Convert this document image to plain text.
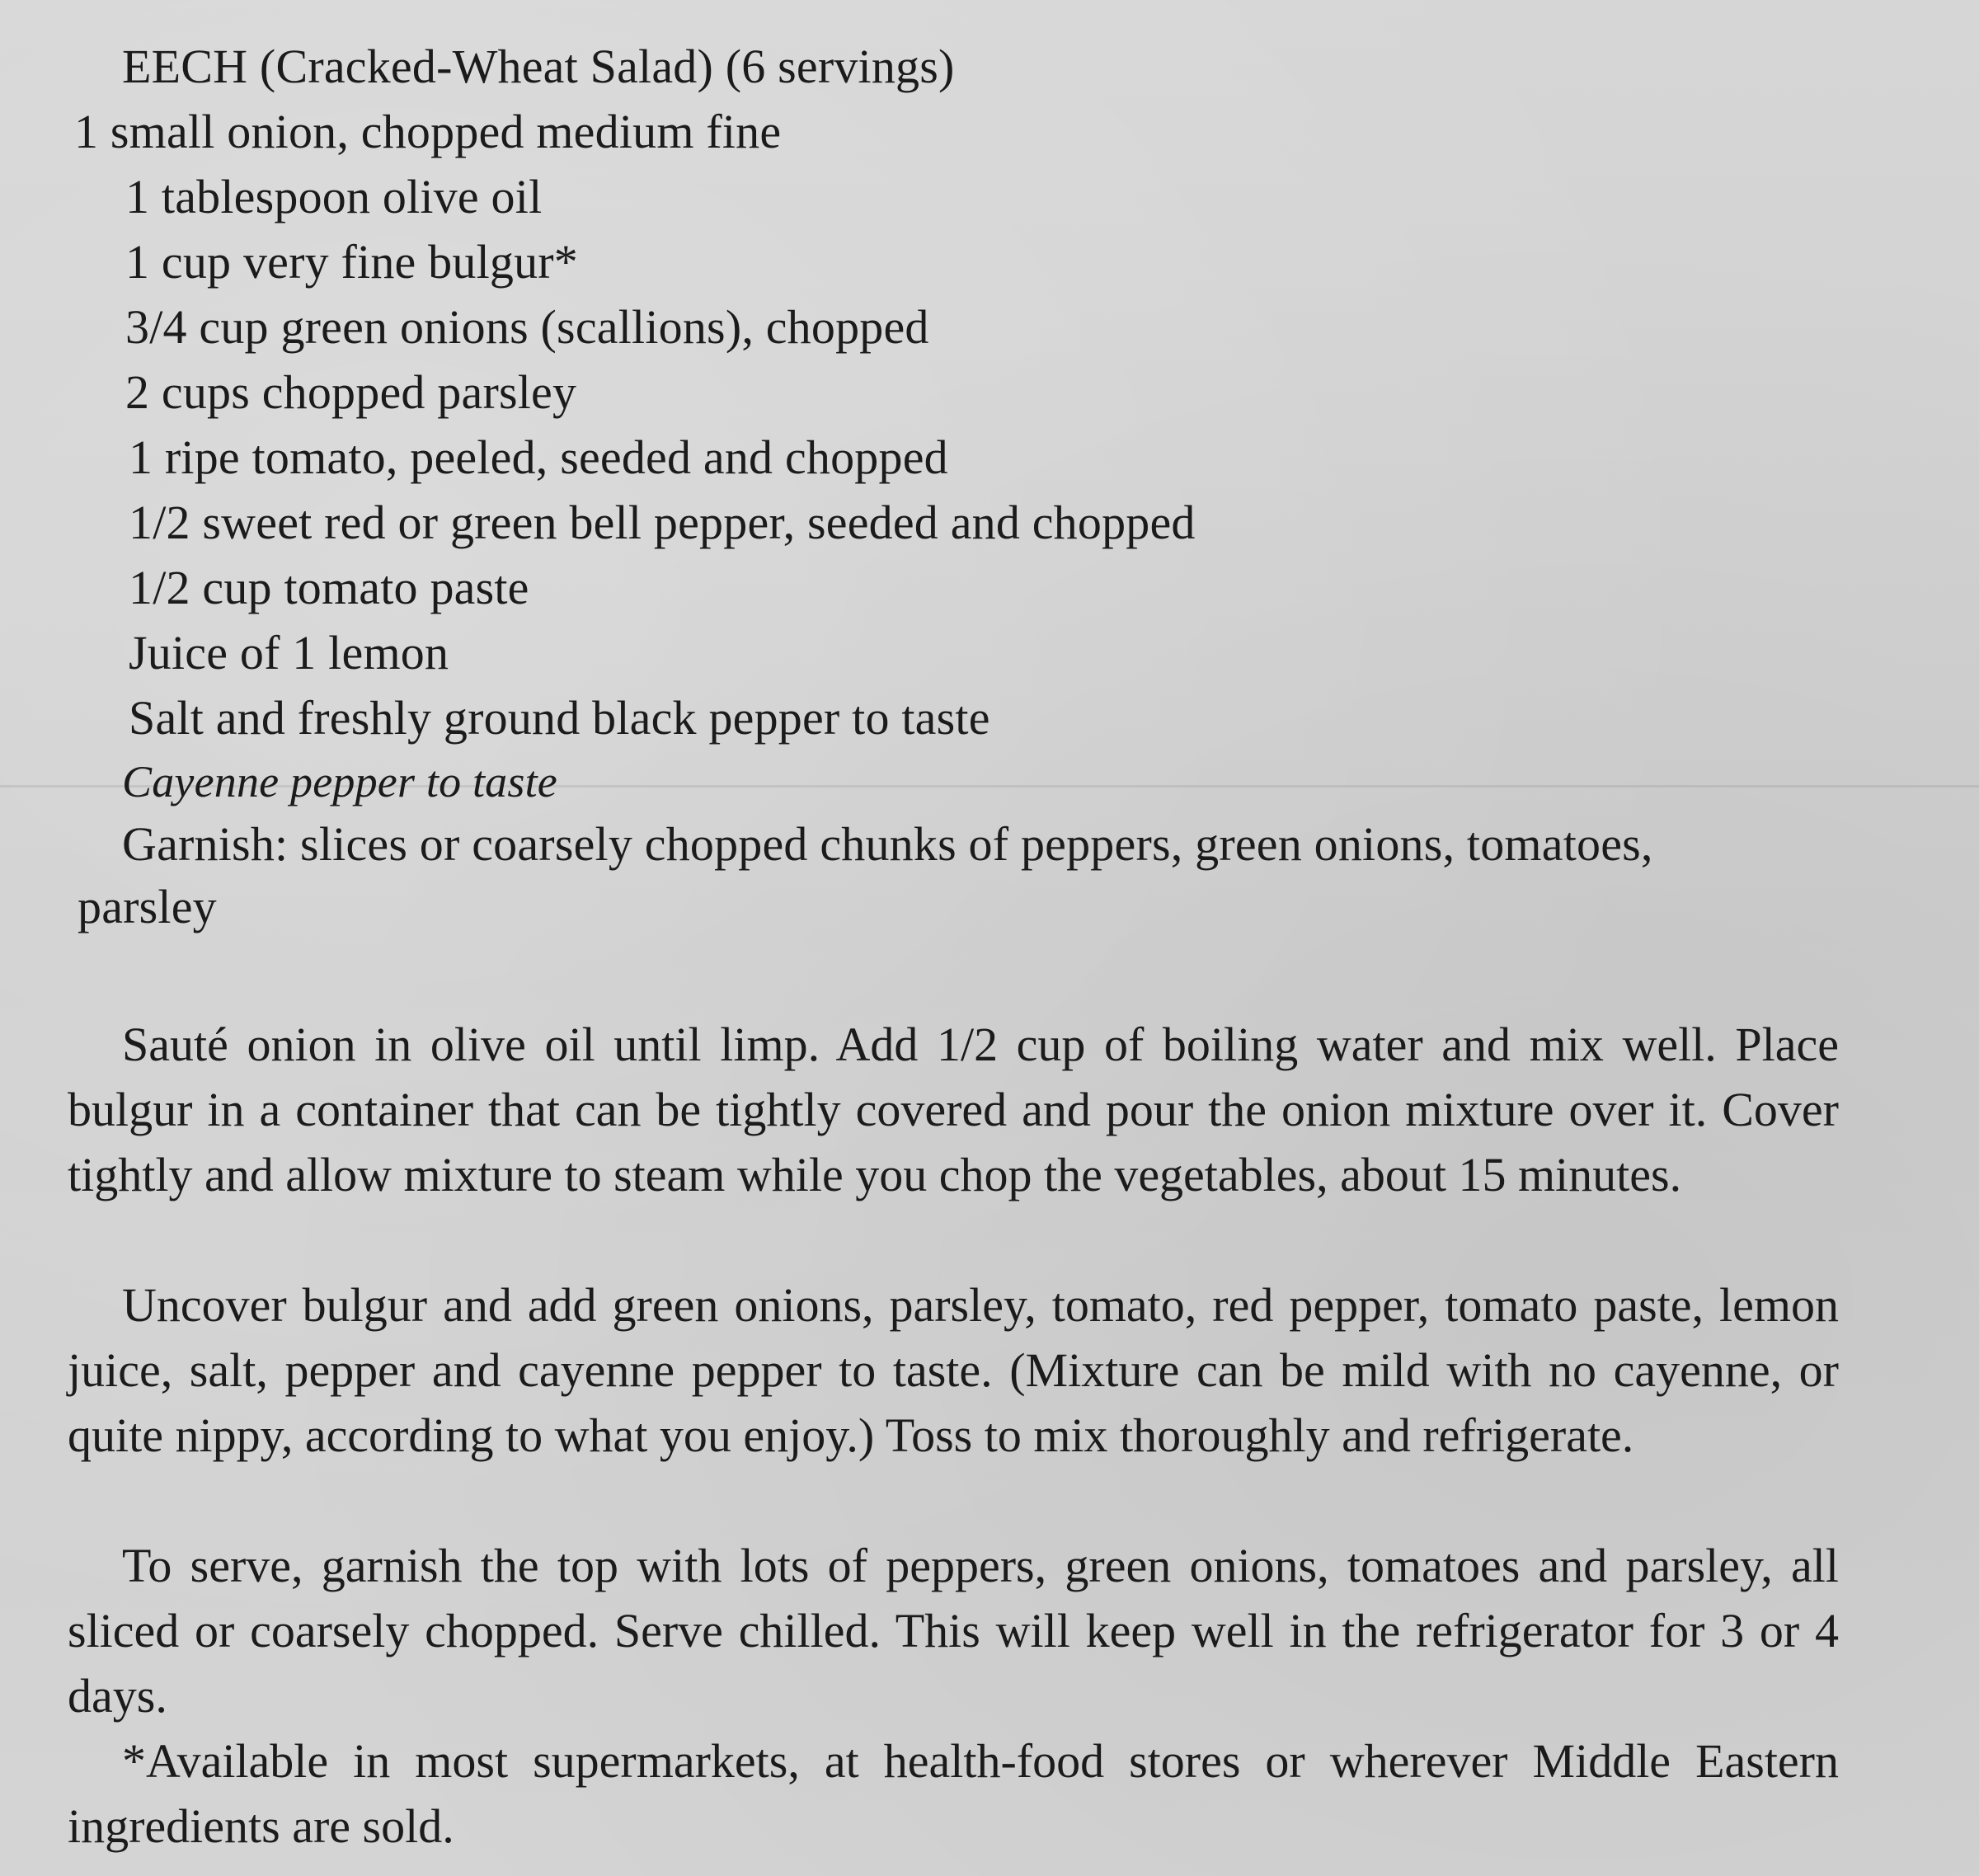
EECH (Cracked-Wheat Salad) (6 servings)
1 small onion, chopped medium fine
1 tablespoon olive oil
1 cup very fine bulgur*
3/4 cup green onions (scallions), chopped
2 cups chopped parsley
1 ripe tomato, peeled, seeded and chopped
1/2 sweet red or green bell pepper, seeded and chopped
1/2 cup tomato paste
Juice of 1 lemon
Salt and freshly ground black pepper to taste
Cayenne pepper to taste
Garnish: slices or coarsely chopped chunks of peppers, green onions, tomatoes,
parsley
Sauté onion in olive oil until limp. Add 1/2 cup of boiling water and mix well. Place bulgur in a container that can be tightly covered and pour the onion mixture over it. Cover tightly and allow mixture to steam while you chop the vegetables, about 15 minutes.
Uncover bulgur and add green onions, parsley, tomato, red pepper, tomato paste, lemon juice, salt, pepper and cayenne pepper to taste. (Mixture can be mild with no cayenne, or quite nippy, according to what you enjoy.) Toss to mix thoroughly and refrigerate.
To serve, garnish the top with lots of peppers, green onions, tomatoes and parsley, all sliced or coarsely chopped. Serve chilled. This will keep well in the refrigerator for 3 or 4 days.
*Available in most supermarkets, at health-food stores or wherever Middle Eastern ingredients are sold.
